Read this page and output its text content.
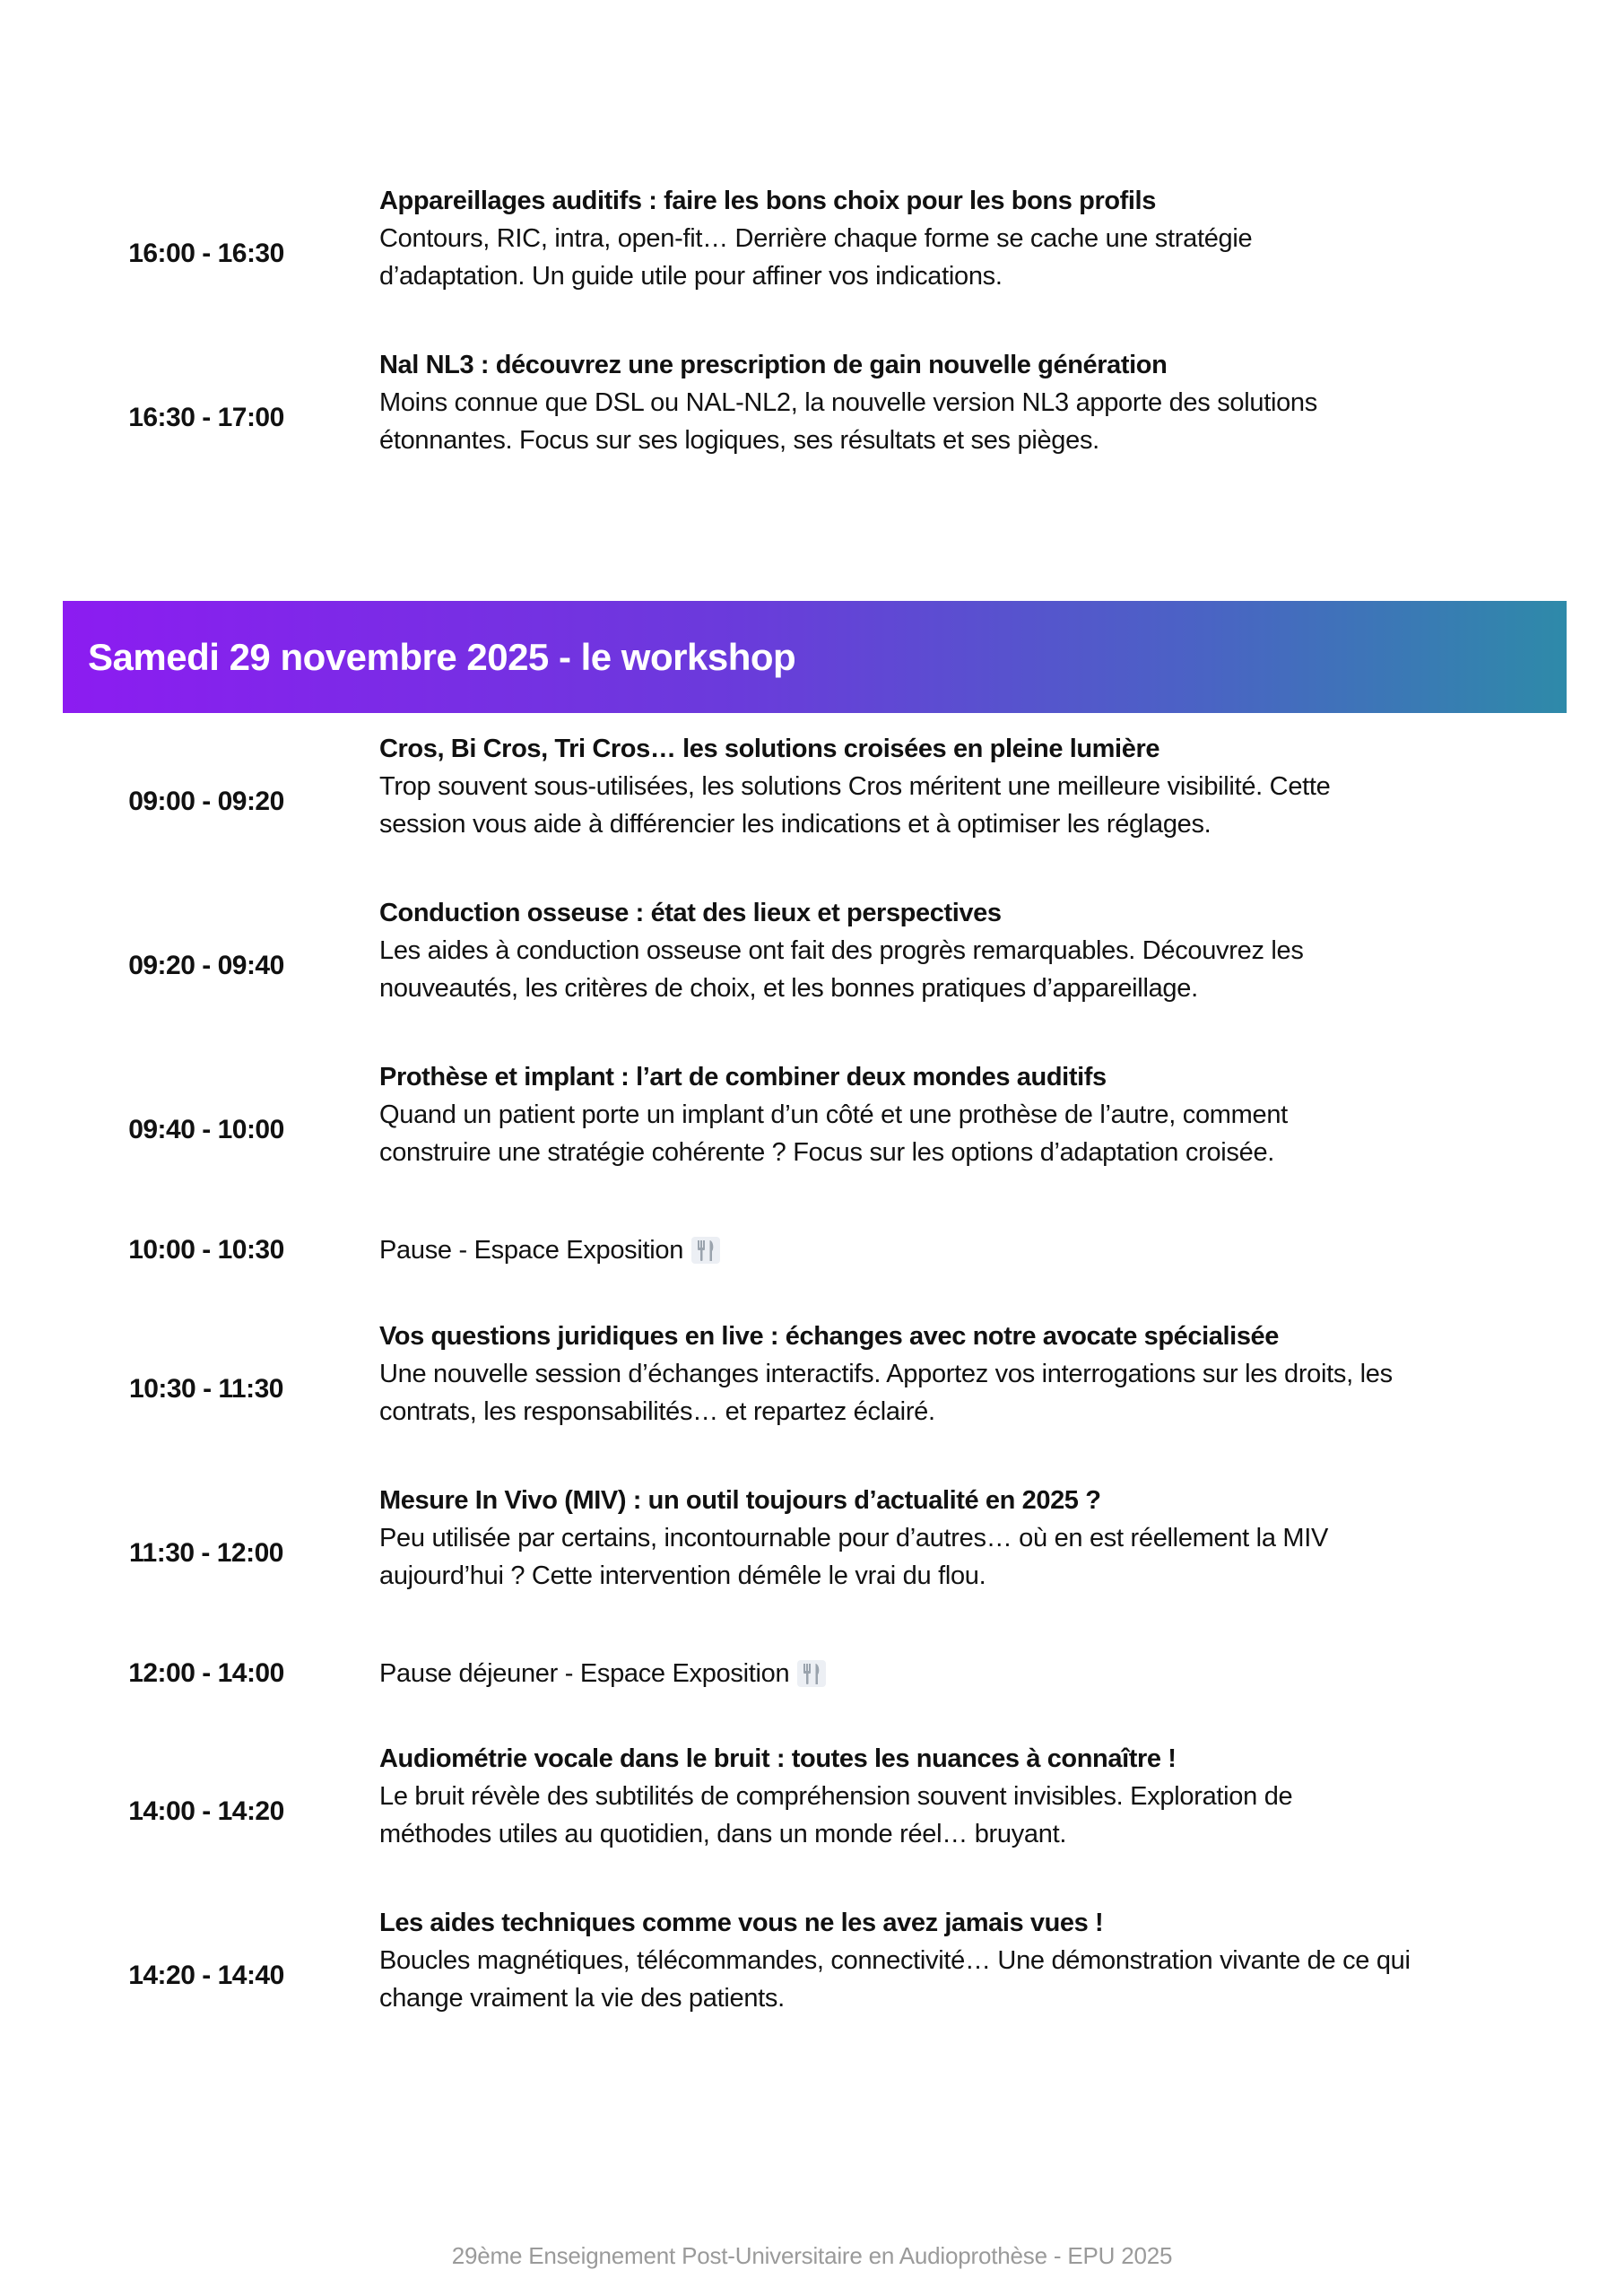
16:00 - 16:30
Appareillages auditifs : faire les bons choix pour les bons profils
Contours, RIC, intra, open-fit… Derrière chaque forme se cache une stratégie
d’adaptation. Un guide utile pour affiner vos indications.
16:30 - 17:00
Nal NL3 : découvrez une prescription de gain nouvelle génération
Moins connue que DSL ou NAL-NL2, la nouvelle version NL3 apporte des solutions
étonnantes. Focus sur ses logiques, ses résultats et ses pièges.
Samedi 29 novembre 2025 - le workshop
09:00 - 09:20
Cros, Bi Cros, Tri Cros… les solutions croisées en pleine lumière
Trop souvent sous-utilisées, les solutions Cros méritent une meilleure visibilité. Cette
session vous aide à différencier les indications et à optimiser les réglages.
09:20 - 09:40
Conduction osseuse : état des lieux et perspectives
Les aides à conduction osseuse ont fait des progrès remarquables. Découvrez les
nouveautés, les critères de choix, et les bonnes pratiques d’appareillage.
09:40 - 10:00
Prothèse et implant : l’art de combiner deux mondes auditifs
Quand un patient porte un implant d’un côté et une prothèse de l’autre, comment
construire une stratégie cohérente ? Focus sur les options d’adaptation croisée.
10:00 - 10:30	Pause - Espace Exposition
10:30 - 11:30
Vos questions juridiques en live : échanges avec notre avocate spécialisée
Une nouvelle session d’échanges interactifs. Apportez vos interrogations sur les droits, les
contrats, les responsabilités… et repartez éclairé.
11:30 - 12:00
Mesure In Vivo (MIV) : un outil toujours d’actualité en 2025 ?
Peu utilisée par certains, incontournable pour d’autres… où en est réellement la MIV
aujourd’hui ? Cette intervention démêle le vrai du flou.
12:00 - 14:00	Pause déjeuner - Espace Exposition
14:00 - 14:20
Audiométrie vocale dans le bruit : toutes les nuances à connaître !
Le bruit révèle des subtilités de compréhension souvent invisibles. Exploration de
méthodes utiles au quotidien, dans un monde réel… bruyant.
14:20 - 14:40
Les aides techniques comme vous ne les avez jamais vues !
Boucles magnétiques, télécommandes, connectivité… Une démonstration vivante de ce qui
change vraiment la vie des patients.
29ème Enseignement Post-Universitaire en Audioprothèse - EPU 2025
